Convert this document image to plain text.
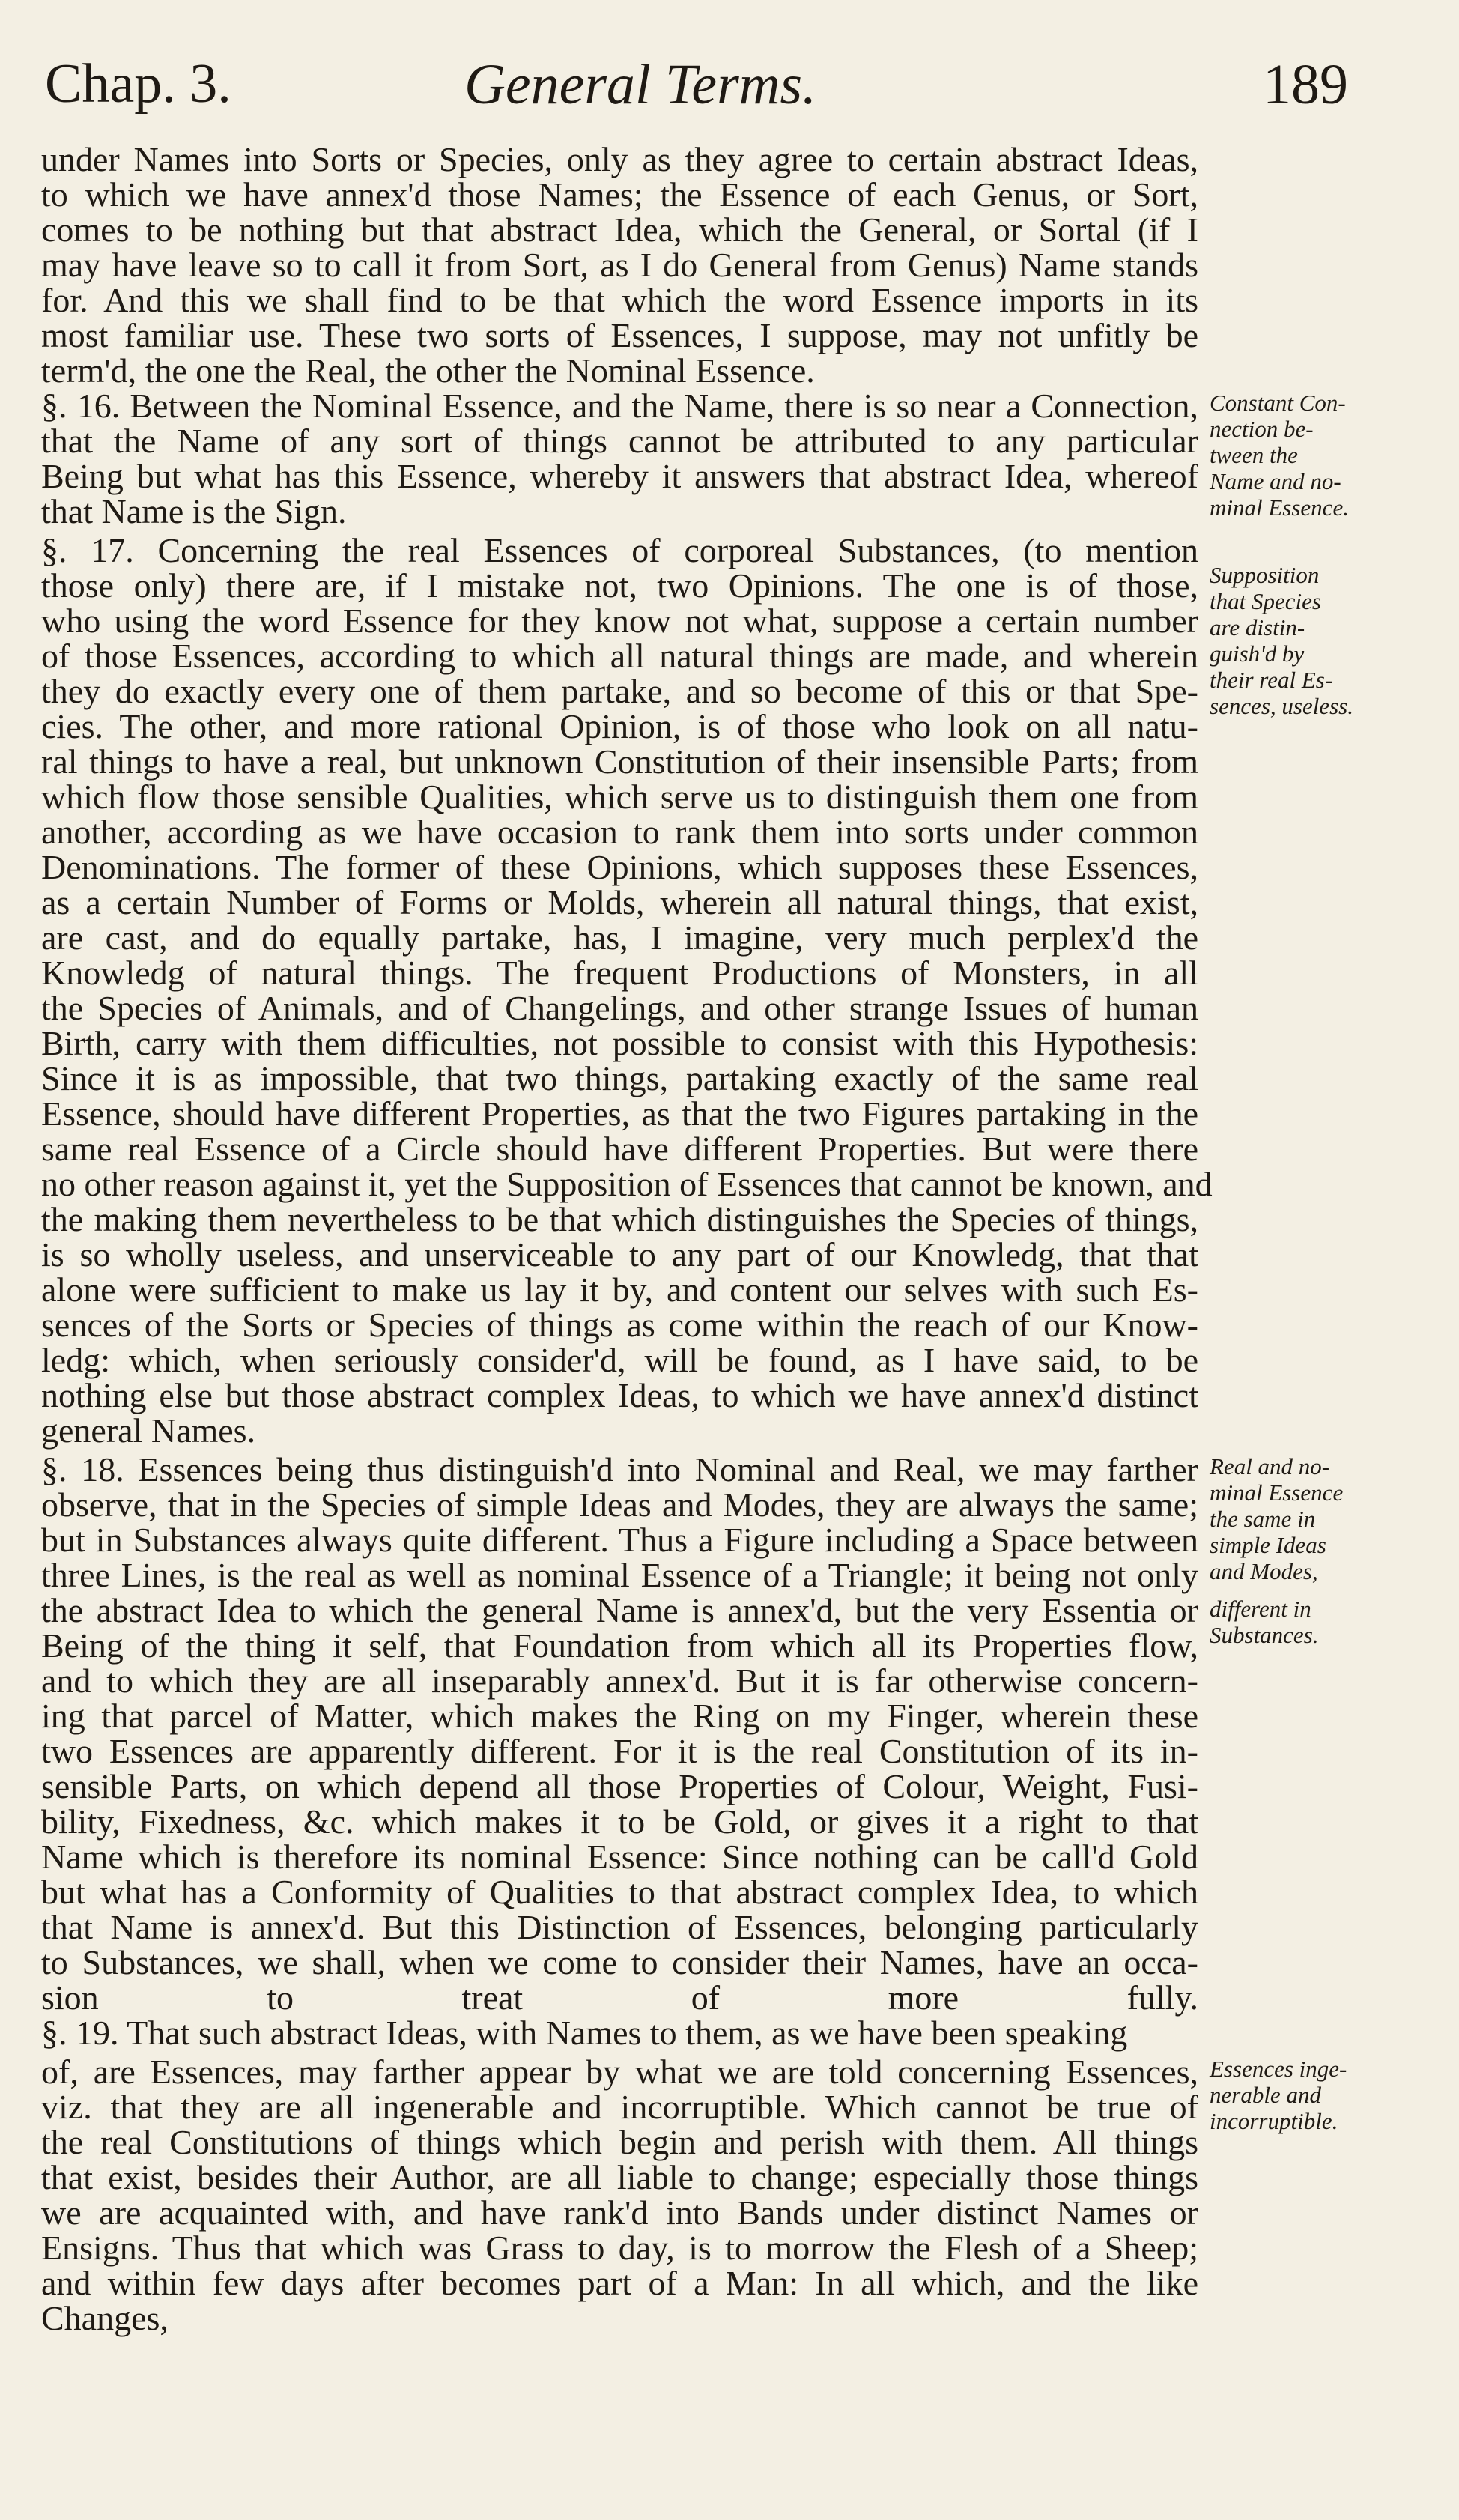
Chap. 3.	General Terms.	189
under Names into Sorts or Species, only as they agree to certain abstract Ideas,
to which we have annex'd those Names; the Essence of each Genus, or Sort,
comes to be nothing but that abstract Idea, which the General, or Sortal (if I
may have leave so to call it from Sort, as I do General from Genus) Name stands
for. And this we shall find to be that which the word Essence imports in its
most familiar use. These two sorts of Essences, I suppose, may not unfitly be
term'd, the one the Real, the other the Nominal Essence.
§. 16. Between the Nominal Essence, and the Name, there is so near a Connection,
that the Name of any sort of things cannot be attributed to any particular
Being but what has this Essence, whereby it answers that abstract Idea, whereof
that Name is the Sign.
§. 17. Concerning the real Essences of corporeal Substances, (to mention
those only) there are, if I mistake not, two Opinions. The one is of those,
who using the word Essence for they know not what, suppose a certain number
of those Essences, according to which all natural things are made, and wherein
they do exactly every one of them partake, and so become of this or that Spe-
cies. The other, and more rational Opinion, is of those who look on all natu-
ral things to have a real, but unknown Constitution of their insensible Parts; from
which flow those sensible Qualities, which serve us to distinguish them one from
another, according as we have occasion to rank them into sorts under common
Denominations. The former of these Opinions, which supposes these Essences,
as a certain Number of Forms or Molds, wherein all natural things, that exist,
are cast, and do equally partake, has, I imagine, very much perplex'd the
Knowledg of natural things. The frequent Productions of Monsters, in all
the Species of Animals, and of Changelings, and other strange Issues of human
Birth, carry with them difficulties, not possible to consist with this Hypothesis:
Since it is as impossible, that two things, partaking exactly of the same real
Essence, should have different Properties, as that the two Figures partaking in the
same real Essence of a Circle should have different Properties. But were there
no other reason against it, yet the Supposition of Essences that cannot be known, and
the making them nevertheless to be that which distinguishes the Species of things,
is so wholly useless, and unserviceable to any part of our Knowledg, that that
alone were sufficient to make us lay it by, and content our selves with such Es-
sences of the Sorts or Species of things as come within the reach of our Know-
ledg: which, when seriously consider'd, will be found, as I have said, to be
nothing else but those abstract complex Ideas, to which we have annex'd distinct
general Names.
§. 18. Essences being thus distinguish'd into Nominal and Real, we may farther
observe, that in the Species of simple Ideas and Modes, they are always the same;
but in Substances always quite different. Thus a Figure including a Space between
three Lines, is the real as well as nominal Essence of a Triangle; it being not only
the abstract Idea to which the general Name is annex'd, but the very Essentia or
Being of the thing it self, that Foundation from which all its Properties flow,
and to which they are all inseparably annex'd. But it is far otherwise concern-
ing that parcel of Matter, which makes the Ring on my Finger, wherein these
two Essences are apparently different. For it is the real Constitution of its in-
sensible Parts, on which depend all those Properties of Colour, Weight, Fusi-
bility, Fixedness, &c. which makes it to be Gold, or gives it a right to that
Name which is therefore its nominal Essence: Since nothing can be call'd Gold
but what has a Conformity of Qualities to that abstract complex Idea, to which
that Name is annex'd. But this Distinction of Essences, belonging particularly
to Substances, we shall, when we come to consider their Names, have an occa-
sion to treat of more fully.
§. 19. That such abstract Ideas, with Names to them, as we have been speaking
of, are Essences, may farther appear by what we are told concerning Essences,
viz. that they are all ingenerable and incorruptible. Which cannot be true of
the real Constitutions of things which begin and perish with them. All things
that exist, besides their Author, are all liable to change; especially those things
we are acquainted with, and have rank'd into Bands under distinct Names or
Ensigns. Thus that which was Grass to day, is to morrow the Flesh of a Sheep;
and within few days after becomes part of a Man: In all which, and the like
Changes,
Constant Con-
nection be-
tween the
Name and no-
minal Essence.
Supposition
that Species
are distin-
guish'd by
their real Es-
sences, useless.
Real and no-
minal Essence
the same in
simple Ideas
and Modes,
different in
Substances.
Essences inge-
nerable and
incorruptible.
